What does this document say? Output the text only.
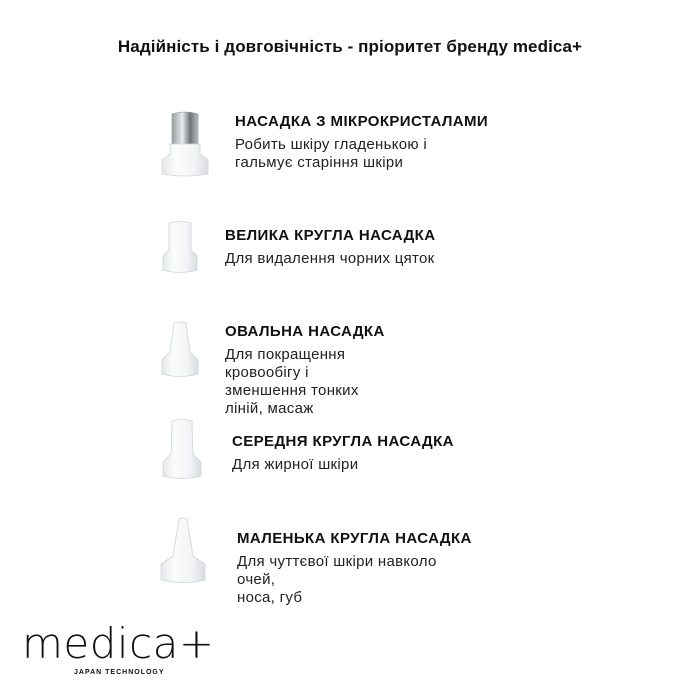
Надійність і довговічність - пріоритет бренду medica+
НАСАДКА З МІКРОКРИСТАЛАМИ
Робить шкіру гладенькою і
гальмує старіння шкіри
ВЕЛИКА КРУГЛА НАСАДКА
Для видалення чорних цяток
ОВАЛЬНА НАСАДКА
Для покращення кровообігу і
зменшення тонких ліній, масаж
СЕРЕДНЯ КРУГЛА НАСАДКА
Для жирної шкіри
МАЛЕНЬКА КРУГЛА НАСАДКА
Для чуттєвої шкіри навколо очей,
носа, губ
medica+
JAPAN TECHNOLOGY
